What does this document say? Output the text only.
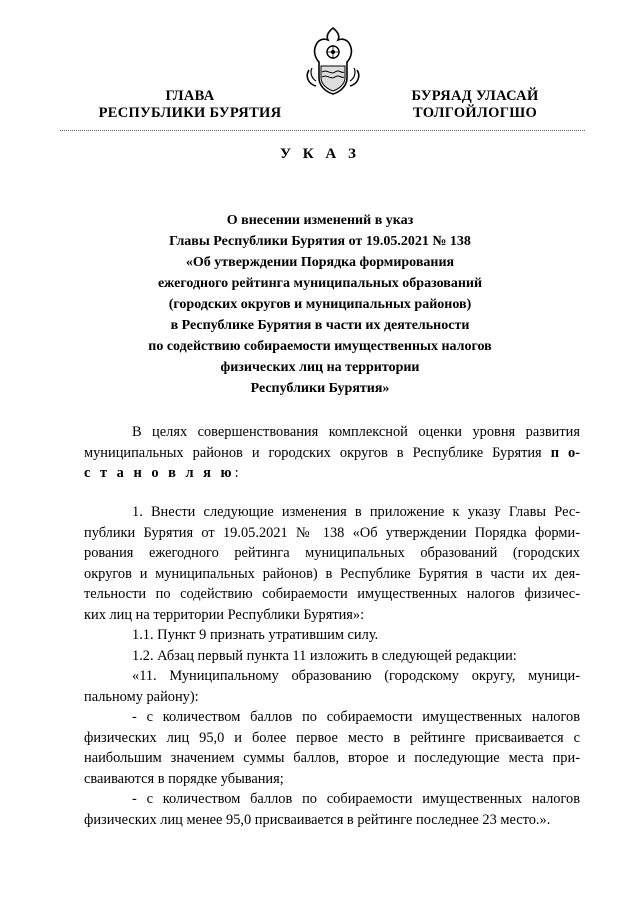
ГЛАВА
РЕСПУБЛИКИ БУРЯТИЯ
БУРЯАД УЛАСАЙ
ТОЛГОЙЛОГШО
У К А З
О внесении изменений в указ
Главы Республики Бурятия от 19.05.2021 № 138
«Об утверждении Порядка формирования
ежегодного рейтинга муниципальных образований
(городских округов и муниципальных районов)
в Республике Бурятия в части их деятельности
по содействию собираемости имущественных налогов
физических лиц на территории
Республики Бурятия»
В целях совершенствования комплексной оценки уровня развития
муниципальных районов и городских округов в Республике Бурятия п о-
с т а н о в л я ю:
1. Внести следующие изменения в приложение к указу Главы Рес-
публики Бурятия от 19.05.2021 № 138 «Об утверждении Порядка форми-
рования ежегодного рейтинга муниципальных образований (городских
округов и муниципальных районов) в Республике Бурятия в части их дея-
тельности по содействию собираемости имущественных налогов физичес-
ких лиц на территории Республики Бурятия»:
1.1. Пункт 9 признать утратившим силу.
1.2. Абзац первый пункта 11 изложить в следующей редакции:
«11. Муниципальному образованию (городскому округу, муници-
пальному району):
- с количеством баллов по собираемости имущественных налогов
физических лиц 95,0 и более первое место в рейтинге присваивается с
наибольшим значением суммы баллов, второе и последующие места при-
сваиваются в порядке убывания;
- с количеством баллов по собираемости имущественных налогов
физических лиц менее 95,0 присваивается в рейтинге последнее 23 место.».
